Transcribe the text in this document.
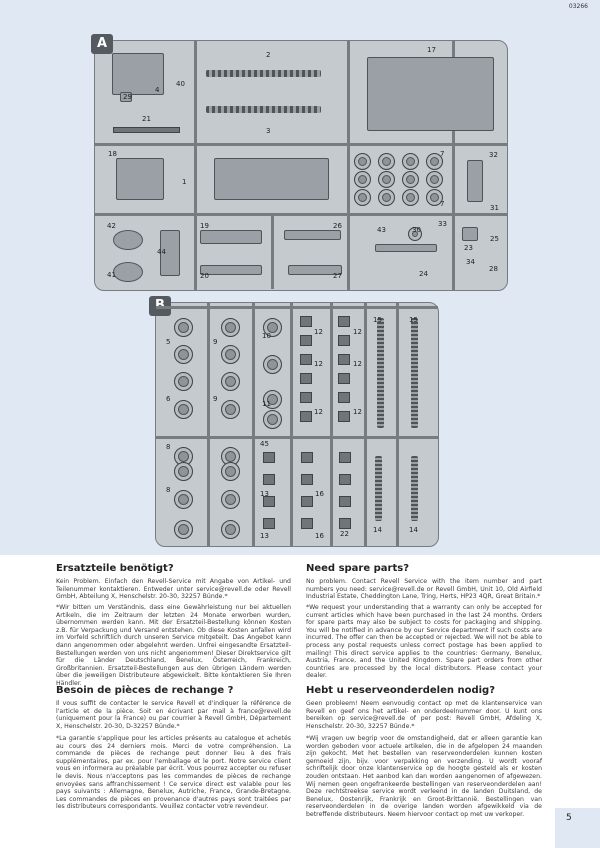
03266
A
2
3
4
29
21
17
18
1
7
7
32
31
42
41
44
19
20
26
27
43	30
33
24
23
25
34
28
40
5
6
9
9
10
11
12	12
12	12
12	12
15	15
8
8
45
13
13
16
16 22	14	14
Ersatzteile benötigt?

Kein Problem. Einfach den Revell-Service mit Angabe von Artikel- und Teilenummer kontaktieren. Entweder unter service@revell.de oder Revell GmbH, Abteilung X, Henschelstr. 20-30, 32257 Bünde.*

*Wir bitten um Verständnis, dass eine Gewährleistung nur bei aktuellen Artikeln, die im Zeitraum der letzten 24 Monate erworben wurden, übernommen werden kann. Mit der Ersatzteil-Bestellung können Kosten z.B. für Verpackung und Versand entstehen. Ob diese Kosten anfallen wird im Vorfeld schriftlich durch unseren Service mitgeteilt. Das Angebot kann dann angenommen oder abgelehnt werden. Unfrei eingesandte Ersatzteil-Bestellungen werden von uns nicht angenommen! Dieser Direktservice gilt für die Länder Deutschland, Benelux, Österreich, Frankreich, Großbritannien. Ersatzteil-Bestellungen aus den übrigen Ländern werden über die jeweiligen Distributeure abgewickelt. Bitte kontaktieren Sie Ihren Händler.

Need spare parts?

No problem. Contact Revell Service with the item number and part numbers you need: service@revell.de or Revell GmbH, Unit 10, Old Airfield Industrial Estate, Cheddington Lane, Tring, Herts, HP23 4QR, Great Britain.*

*We request your understanding that a warranty can only be accepted for current articles which have been purchased in the last 24 months. Orders for spare parts may also be subject to costs for packaging and shipping. You will be notified in advance by our Service department if such costs are incurred. The offer can then be accepted or rejected. We will not be able to process any postal requests unless correct postage has been applied to mailing! This direct service applies to the countries: Germany, Benelux, Austria, France, and the United Kingdom. Spare part orders from other countries are processed by the local distributors. Please contact your dealer.

Besoin de pièces de rechange ?

Il vous suffit de contacter le service Revell et d'indiquer la référence de l'article et de la pièce. Soit en écrivant par mail à france@revell.de (uniquement pour la France) ou par courrier à Revell GmbH, Département X, Henschelstr. 20-30, D-32257 Bünde.*

*La garantie s'applique pour les articles présents au catalogue et achetés au cours des 24 derniers mois. Merci de votre compréhension. La commande de pièces de rechange peut donner lieu à des frais supplémentaires, par ex. pour l'emballage et le port. Notre service client vous en informera au préalable par écrit. Vous pourrez accepter ou refuser le devis. Nous n'acceptons pas les commandes de pièces de rechange envoyées sans affranchissement ! Ce service direct est valable pour les pays suivants : Allemagne, Benelux, Autriche, France, Grande-Bretagne. Les commandes de pièces en provenance d'autres pays sont traitées par les distributeurs correspondants. Veuillez contacter votre revendeur.

Hebt u reserveonderdelen nodig?

Geen probleem! Neem eenvoudig contact op met de klantenservice van Revell en geef ons het artikel- en onderdeelnummer door. U kunt ons bereiken op service@revell.de of per post: Revell GmbH, Afdeling X, Henschelstr. 20-30, 32257 Bünde.*

*Wij vragen uw begrip voor de omstandigheid, dat er alleen garantie kan worden geboden voor actuele artikelen, die in de afgelopen 24 maanden zijn gekocht. Met het bestellen van reserveonderdelen kunnen kosten gemoeid zijn, bijv. voor verpakking en verzending. U wordt vooraf schriftelijk door onze klantenservice op de hoogte gesteld als er kosten zouden ontstaan. Het aanbod kan dan worden aangenomen of afgewezen. Wij nemen geen ongefrankeerde bestellingen van reserveonderdelen aan! Deze rechtstreekse service wordt verleend in de landen Duitsland, de Benelux, Oostenrijk, Frankrijk en Groot-Brittannië. Bestellingen van reserveonderdelen in de overige landen worden afgewikkeld via de betreffende distributeurs. Neem hiervoor contact op met uw verkoper.	5
